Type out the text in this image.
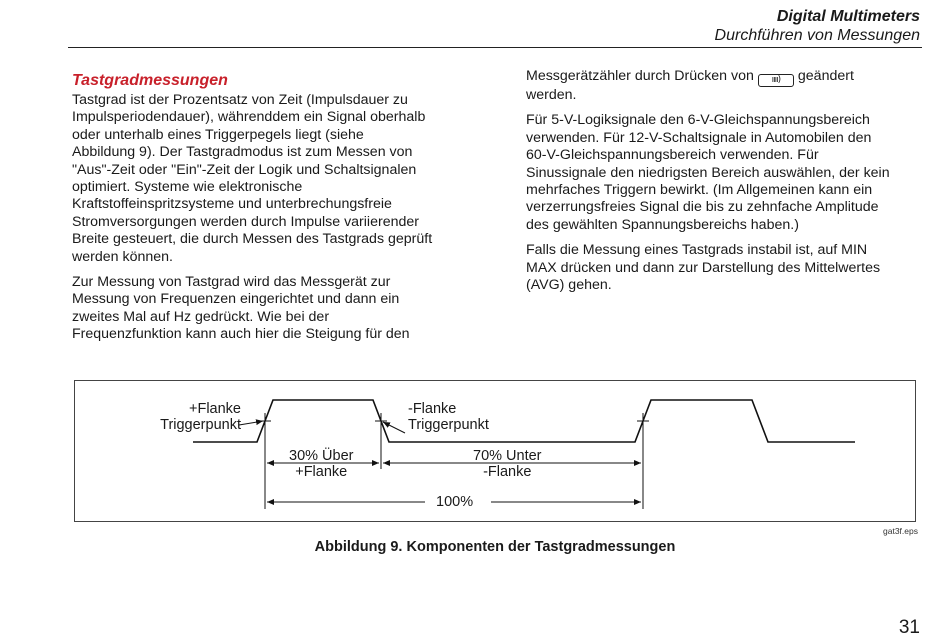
Digital Multimeters
Durchführen von Messungen
Tastgradmessungen

Tastgrad ist der Prozentsatz von Zeit (Impulsdauer zu
Impulsperiodendauer), währenddem ein Signal oberhalb
oder unterhalb eines Triggerpegels liegt (siehe
Abbildung 9). Der Tastgradmodus ist zum Messen von
"Aus"-Zeit oder "Ein"-Zeit der Logik und Schaltsignalen
optimiert. Systeme wie elektronische
Kraftstoffeinspritzsysteme und unterbrechungsfreie
Stromversorgungen werden durch Impulse variierender
Breite gesteuert, die durch Messen des Tastgrads geprüft
werden können.

Zur Messung von Tastgrad wird das Messgerät zur
Messung von Frequenzen eingerichtet und dann ein
zweites Mal auf Hz gedrückt. Wie bei der
Frequenzfunktion kann auch hier die Steigung für den

Messgerätzähler durch Drücken von ıııı) geändert
werden.

Für 5-V-Logiksignale den 6-V-Gleichspannungsbereich
verwenden. Für 12-V-Schaltsignale in Automobilen den
60-V-Gleichspannungsbereich verwenden. Für
Sinussignale den niedrigsten Bereich auswählen, der kein
mehrfaches Triggern bewirkt. (Im Allgemeinen kann ein
verzerrungsfreies Signal die bis zu zehnfache Amplitude
des gewählten Spannungsbereichs haben.)

Falls die Messung eines Tastgrads instabil ist, auf MIN
MAX drücken und dann zur Darstellung des Mittelwertes
(AVG) gehen.

+Flanke
Triggerpunkt
-Flanke
Triggerpunkt
30% Über
+Flanke
70% Unter
-Flanke
100%
gat3f.eps
Abbildung 9. Komponenten der Tastgradmessungen
31
